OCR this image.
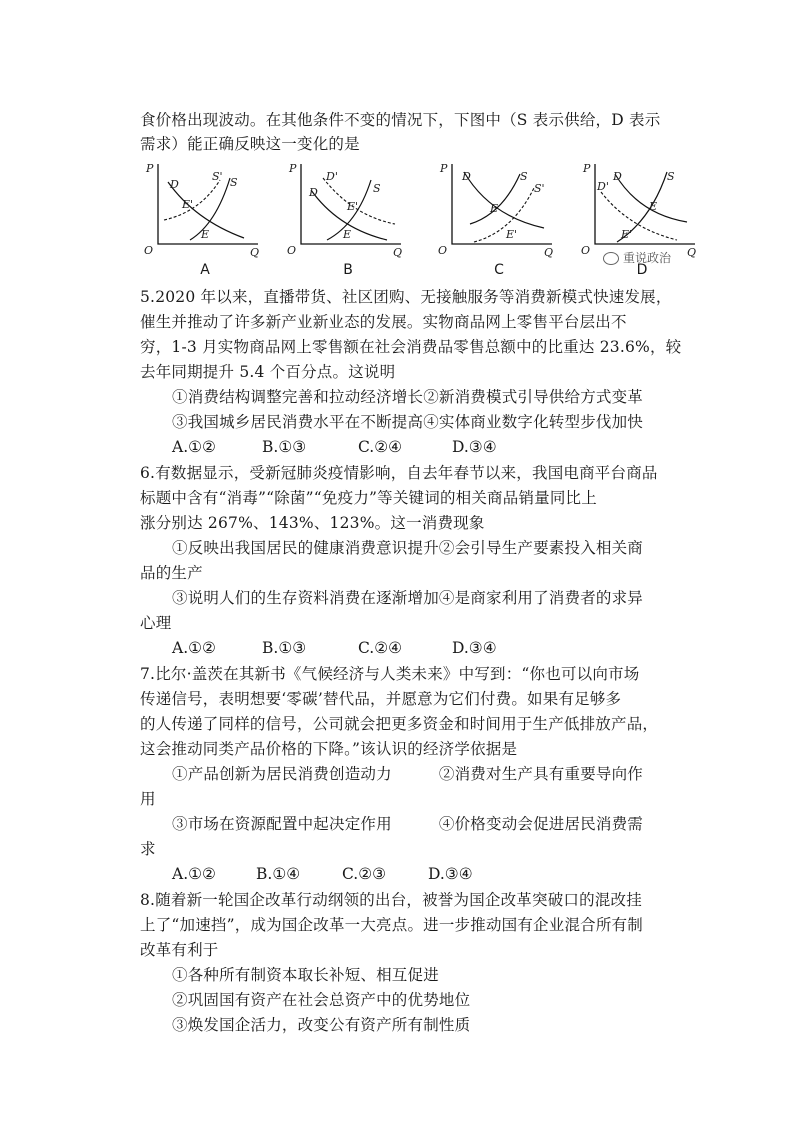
食价格出现波动。在其他条件不变的情况下，下图中（S 表示供给，D 表示
需求）能正确反映这一变化的是
P
O	Q
D	S
S'
E
E'
A
P
O	Q
D
D'
S
E
E'
B
P
O	Q
D	S
S'
E
E'
C
P
O	Q
D
D'
S
E
E'
D
重说政治
5.2020 年以来，直播带货、社区团购、无接触服务等消费新模式快速发展，
催生并推动了许多新产业新业态的发展。实物商品网上零售平台层出不
穷，1-3 月实物商品网上零售额在社会消费品零售总额中的比重达 23.6%，较
去年同期提升 5.4 个百分点。这说明
①消费结构调整完善和拉动经济增长②新消费模式引导供给方式变革
③我国城乡居民消费水平在不断提高④实体商业数字化转型步伐加快
A.①②	B.①③	C.②④	D.③④
6.有数据显示，受新冠肺炎疫情影响，自去年春节以来，我国电商平台商品
标题中含有“消毒”“除菌”“免疫力”等关键词的相关商品销量同比上
涨分别达 267%、143%、123%。这一消费现象
①反映出我国居民的健康消费意识提升②会引导生产要素投入相关商
品的生产
③说明人们的生存资料消费在逐渐增加④是商家利用了消费者的求异
心理
A.①②	B.①③	C.②④	D.③④
7.比尔·盖茨在其新书《气候经济与人类未来》中写到：“你也可以向市场
传递信号，表明想要‘零碳’替代品，并愿意为它们付费。如果有足够多
的人传递了同样的信号，公司就会把更多资金和时间用于生产低排放产品，
这会推动同类产品价格的下降。”该认识的经济学依据是
①产品创新为居民消费创造动力　　　②消费对生产具有重要导向作
用
③市场在资源配置中起决定作用　　　④价格变动会促进居民消费需
求
A.①②	B.①④	C.②③	D.③④
8.随着新一轮国企改革行动纲领的出台，被誉为国企改革突破口的混改挂
上了“加速挡”，成为国企改革一大亮点。进一步推动国有企业混合所有制
改革有利于
①各种所有制资本取长补短、相互促进
②巩固国有资产在社会总资产中的优势地位
③焕发国企活力，改变公有资产所有制性质
